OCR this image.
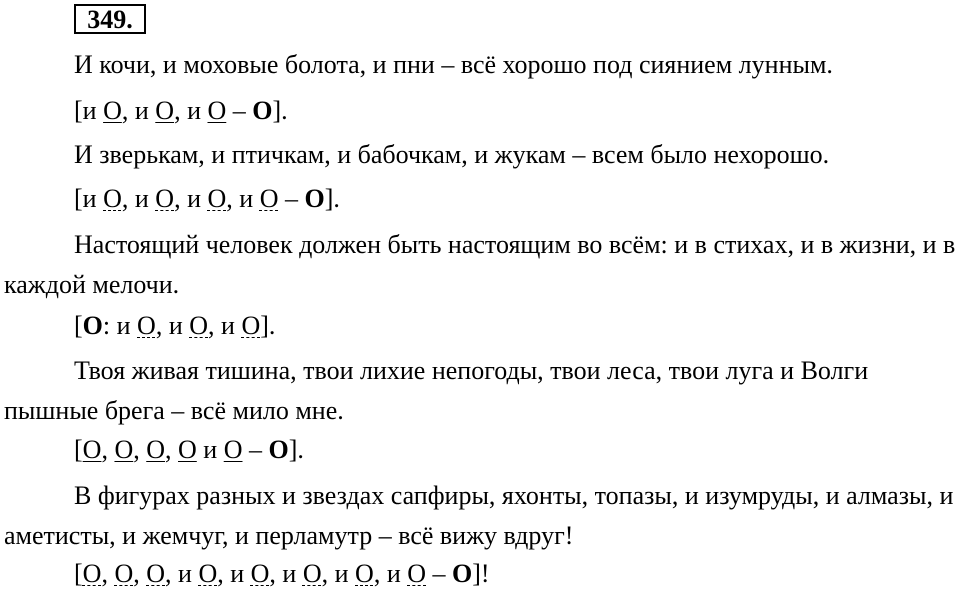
349.
И кочи, и моховые болота, и пни – всё хорошо под сиянием лунным.
[и О, и О, и О – О].
И зверькам, и птичкам, и бабочкам, и жукам – всем было нехорошо.
[и О, и О, и О, и О – О].
Настоящий человек должен быть настоящим во всём: и в стихах, и в жизни, и в каждой мелочи.
[О: и О, и О, и О].
Твоя живая тишина, твои лихие непогоды, твои леса, твои луга и Волги пышные брега – всё мило мне.
[О, О, О, О и О – О].
В фигурах разных и звездах сапфиры, яхонты, топазы, и изумруды, и алмазы, и аметисты, и жемчуг, и перламутр – всё вижу вдруг!
[О, О, О, и О, и О, и О, и О, и О – О]!
